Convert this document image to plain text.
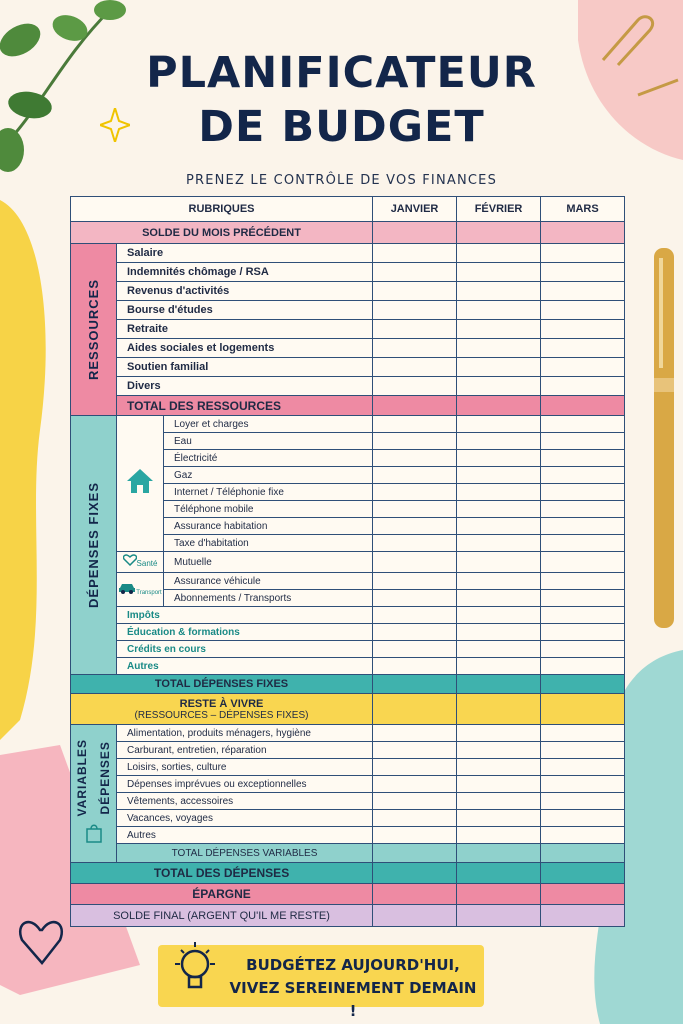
PLANIFICATEUR
DE BUDGET
PRENEZ LE CONTRÔLE DE VOS FINANCES
RUBRIQUES			JANVIER	FÉVRIER	MARS
SOLDE DU MOIS PRÉCÉDENT					

RESSOURCES	Salaire				
	Indemnités chômage / RSA				
	Revenus d'activités				
	Bourse d'études				
	Retraite				
	Aides sociales et logements				
	Soutien familial				
	Divers				
	TOTAL DES RESSOURCES				

DÉPENSES FIXES		Loyer et charges			
		Eau			
		Électricité			
		Gaz			
		Internet / Téléphonie fixe			
		Téléphone mobile			
		Assurance habitation			
		Taxe d'habitation			
	Santé	Mutuelle			
	Transport	Assurance véhicule			
		Abonnements / Transports			
	Impôts				
	Éducation & formations				
	Crédits en cours				
	Autres				
TOTAL DÉPENSES FIXES					

RESTE À VIVRE
(RESSOURCES – DÉPENSES FIXES)					

VARIABLES DÉPENSES	Alimentation, produits ménagers, hygiène				
	Carburant, entretien, réparation				
	Loisirs, sorties, culture				
	Dépenses imprévues ou exceptionnelles				
	Vêtements, accessoires				
	Vacances, voyages				
	Autres				
	TOTAL DÉPENSES VARIABLES				
TOTAL DES DÉPENSES					
ÉPARGNE					
SOLDE FINAL (ARGENT QU'IL ME RESTE)					
BUDGÉTEZ AUJOURD'HUI,
VIVEZ SEREINEMENT DEMAIN !
